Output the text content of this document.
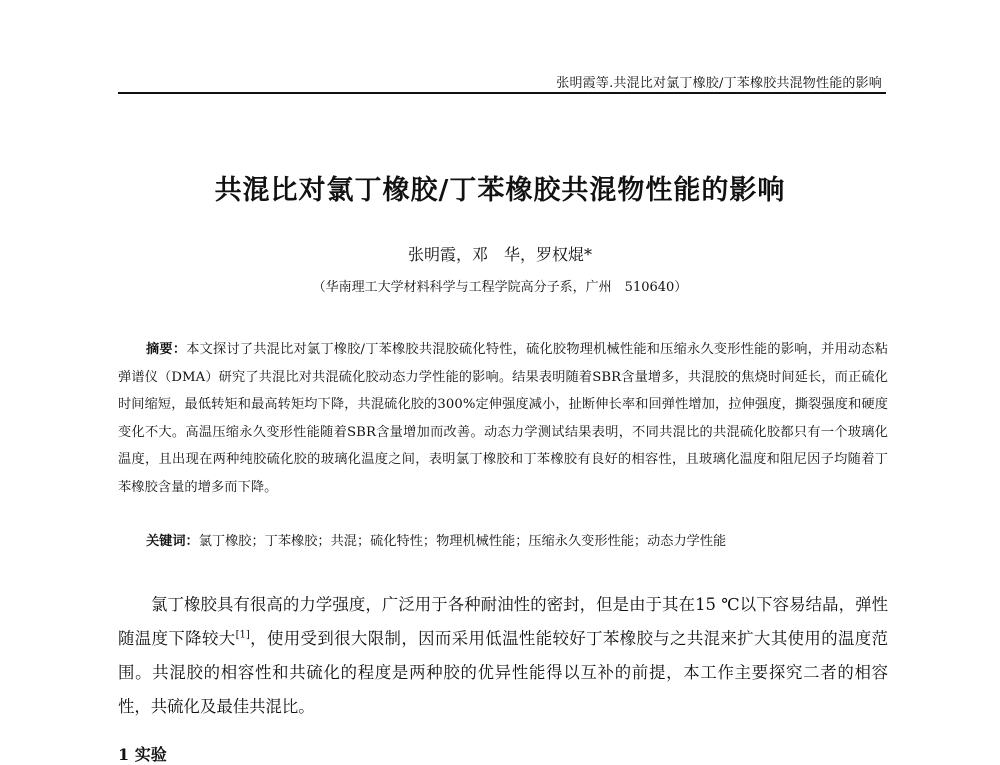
张明霞等.共混比对氯丁橡胶/丁苯橡胶共混物性能的影响
共混比对氯丁橡胶/丁苯橡胶共混物性能的影响
张明霞，邓　华，罗权焜*
（华南理工大学材料科学与工程学院高分子系，广州　510640）

摘要：本文探讨了共混比对氯丁橡胶/丁苯橡胶共混胶硫化特性，硫化胶物理机械性能和压缩永久变形性能的影响，并用动态粘弹谱仪（DMA）研究了共混比对共混硫化胶动态力学性能的影响。结果表明随着SBR含量增多，共混胶的焦烧时间延长，而正硫化时间缩短，最低转矩和最高转矩均下降，共混硫化胶的300%定伸强度减小，扯断伸长率和回弹性增加，拉伸强度，撕裂强度和硬度变化不大。高温压缩永久变形性能随着SBR含量增加而改善。动态力学测试结果表明，不同共混比的共混硫化胶都只有一个玻璃化温度，且出现在两种纯胶硫化胶的玻璃化温度之间，表明氯丁橡胶和丁苯橡胶有良好的相容性，且玻璃化温度和阻尼因子均随着丁苯橡胶含量的增多而下降。

关键词：氯丁橡胶；丁苯橡胶；共混；硫化特性；物理机械性能；压缩永久变形性能；动态力学性能

氯丁橡胶具有很高的力学强度，广泛用于各种耐油性的密封，但是由于其在15 ℃以下容易结晶，弹性随温度下降较大[1]，使用受到很大限制，因而采用低温性能较好丁苯橡胶与之共混来扩大其使用的温度范围。共混胶的相容性和共硫化的程度是两种胶的优异性能得以互补的前提，本工作主要探究二者的相容性，共硫化及最佳共混比。

1 实验
